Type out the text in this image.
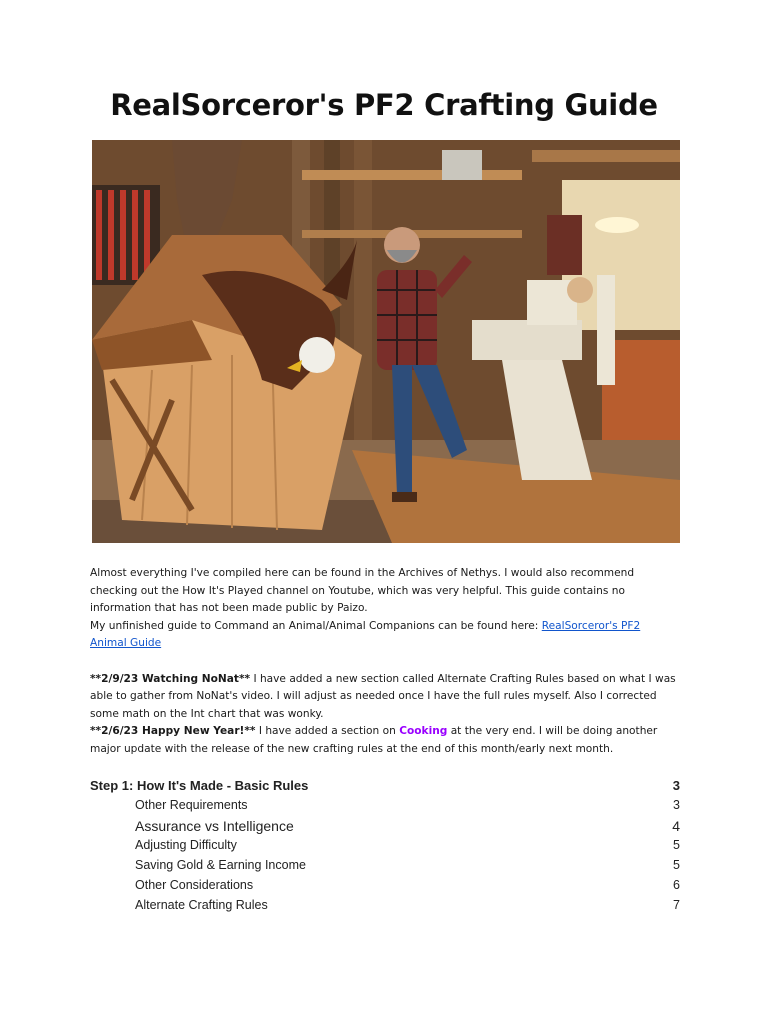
RealSorceror's PF2 Crafting Guide

Almost everything I've compiled here can be found in the Archives of Nethys. I would also recommend checking out the How It's Played channel on Youtube, which was very helpful. This guide contains no information that has not been made public by Paizo.

My unfinished guide to Command an Animal/Animal Companions can be found here: RealSorceror's PF2 Animal Guide

**2/9/23 Watching NoNat** I have added a new section called Alternate Crafting Rules based on what I was able to gather from NoNat's video. I will adjust as needed once I have the full rules myself. Also I corrected some math on the Int chart that was wonky.

**2/6/23 Happy New Year!** I have added a section on Cooking at the very end. I will be doing another major update with the release of the new crafting rules at the end of this month/early next month.

Step 1: How It's Made - Basic Rules	3
Other Requirements	3
Assurance vs Intelligence	4
Adjusting Difficulty	5
Saving Gold & Earning Income	5
Other Considerations	6
Alternate Crafting Rules	7
